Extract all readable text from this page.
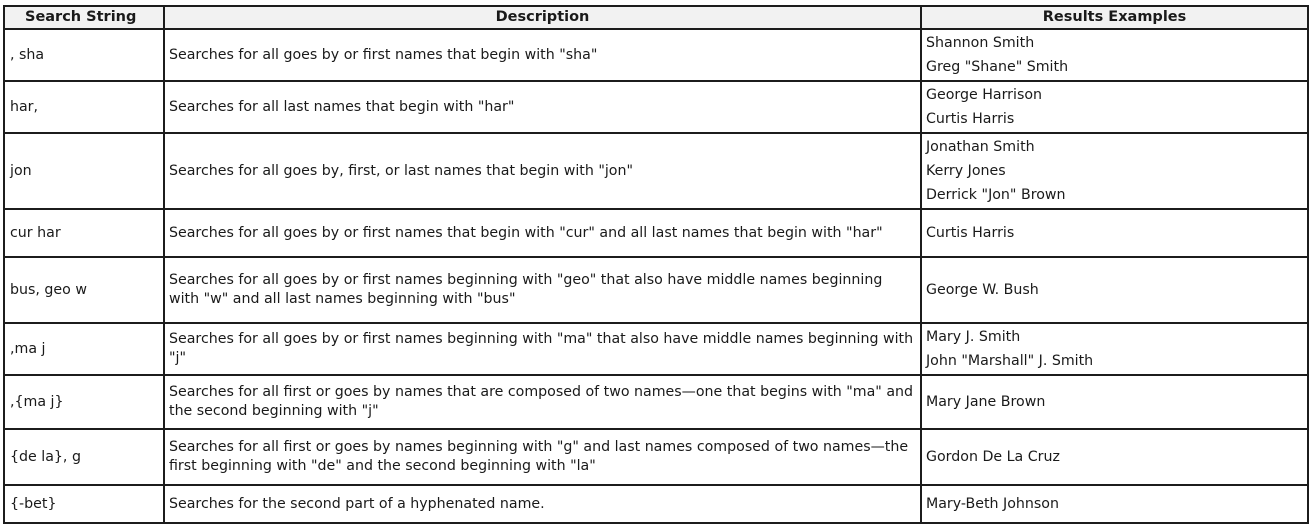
Search String	Description	Results Examples
, sha	Searches for all goes by or first names that begin with "sha"	Shannon Smith
Greg "Shane" Smith

har,	Searches for all last names that begin with "har"	George Harrison
Curtis Harris

jon	Searches for all goes by, first, or last names that begin with "jon"	Jonathan Smith
Kerry Jones
Derrick "Jon" Brown

cur har	Searches for all goes by or first names that begin with "cur" and all last names that begin with "har"	Curtis Harris

bus, geo w	Searches for all goes by or first names beginning with "geo" that also have middle names beginning with "w" and all last names beginning with "bus"	George W. Bush

,ma j	Searches for all goes by or first names beginning with "ma" that also have middle names beginning with "j"	Mary J. Smith
John "Marshall" J. Smith

,{ma j}	Searches for all first or goes by names that are composed of two names—one that begins with "ma" and the second beginning with "j"	Mary Jane Brown

{de la}, g	Searches for all first or goes by names beginning with "g" and last names composed of two names—the first beginning with "de" and the second beginning with "la"	Gordon De La Cruz

{-bet}	Searches for the second part of a hyphenated name.	Mary-Beth Johnson
